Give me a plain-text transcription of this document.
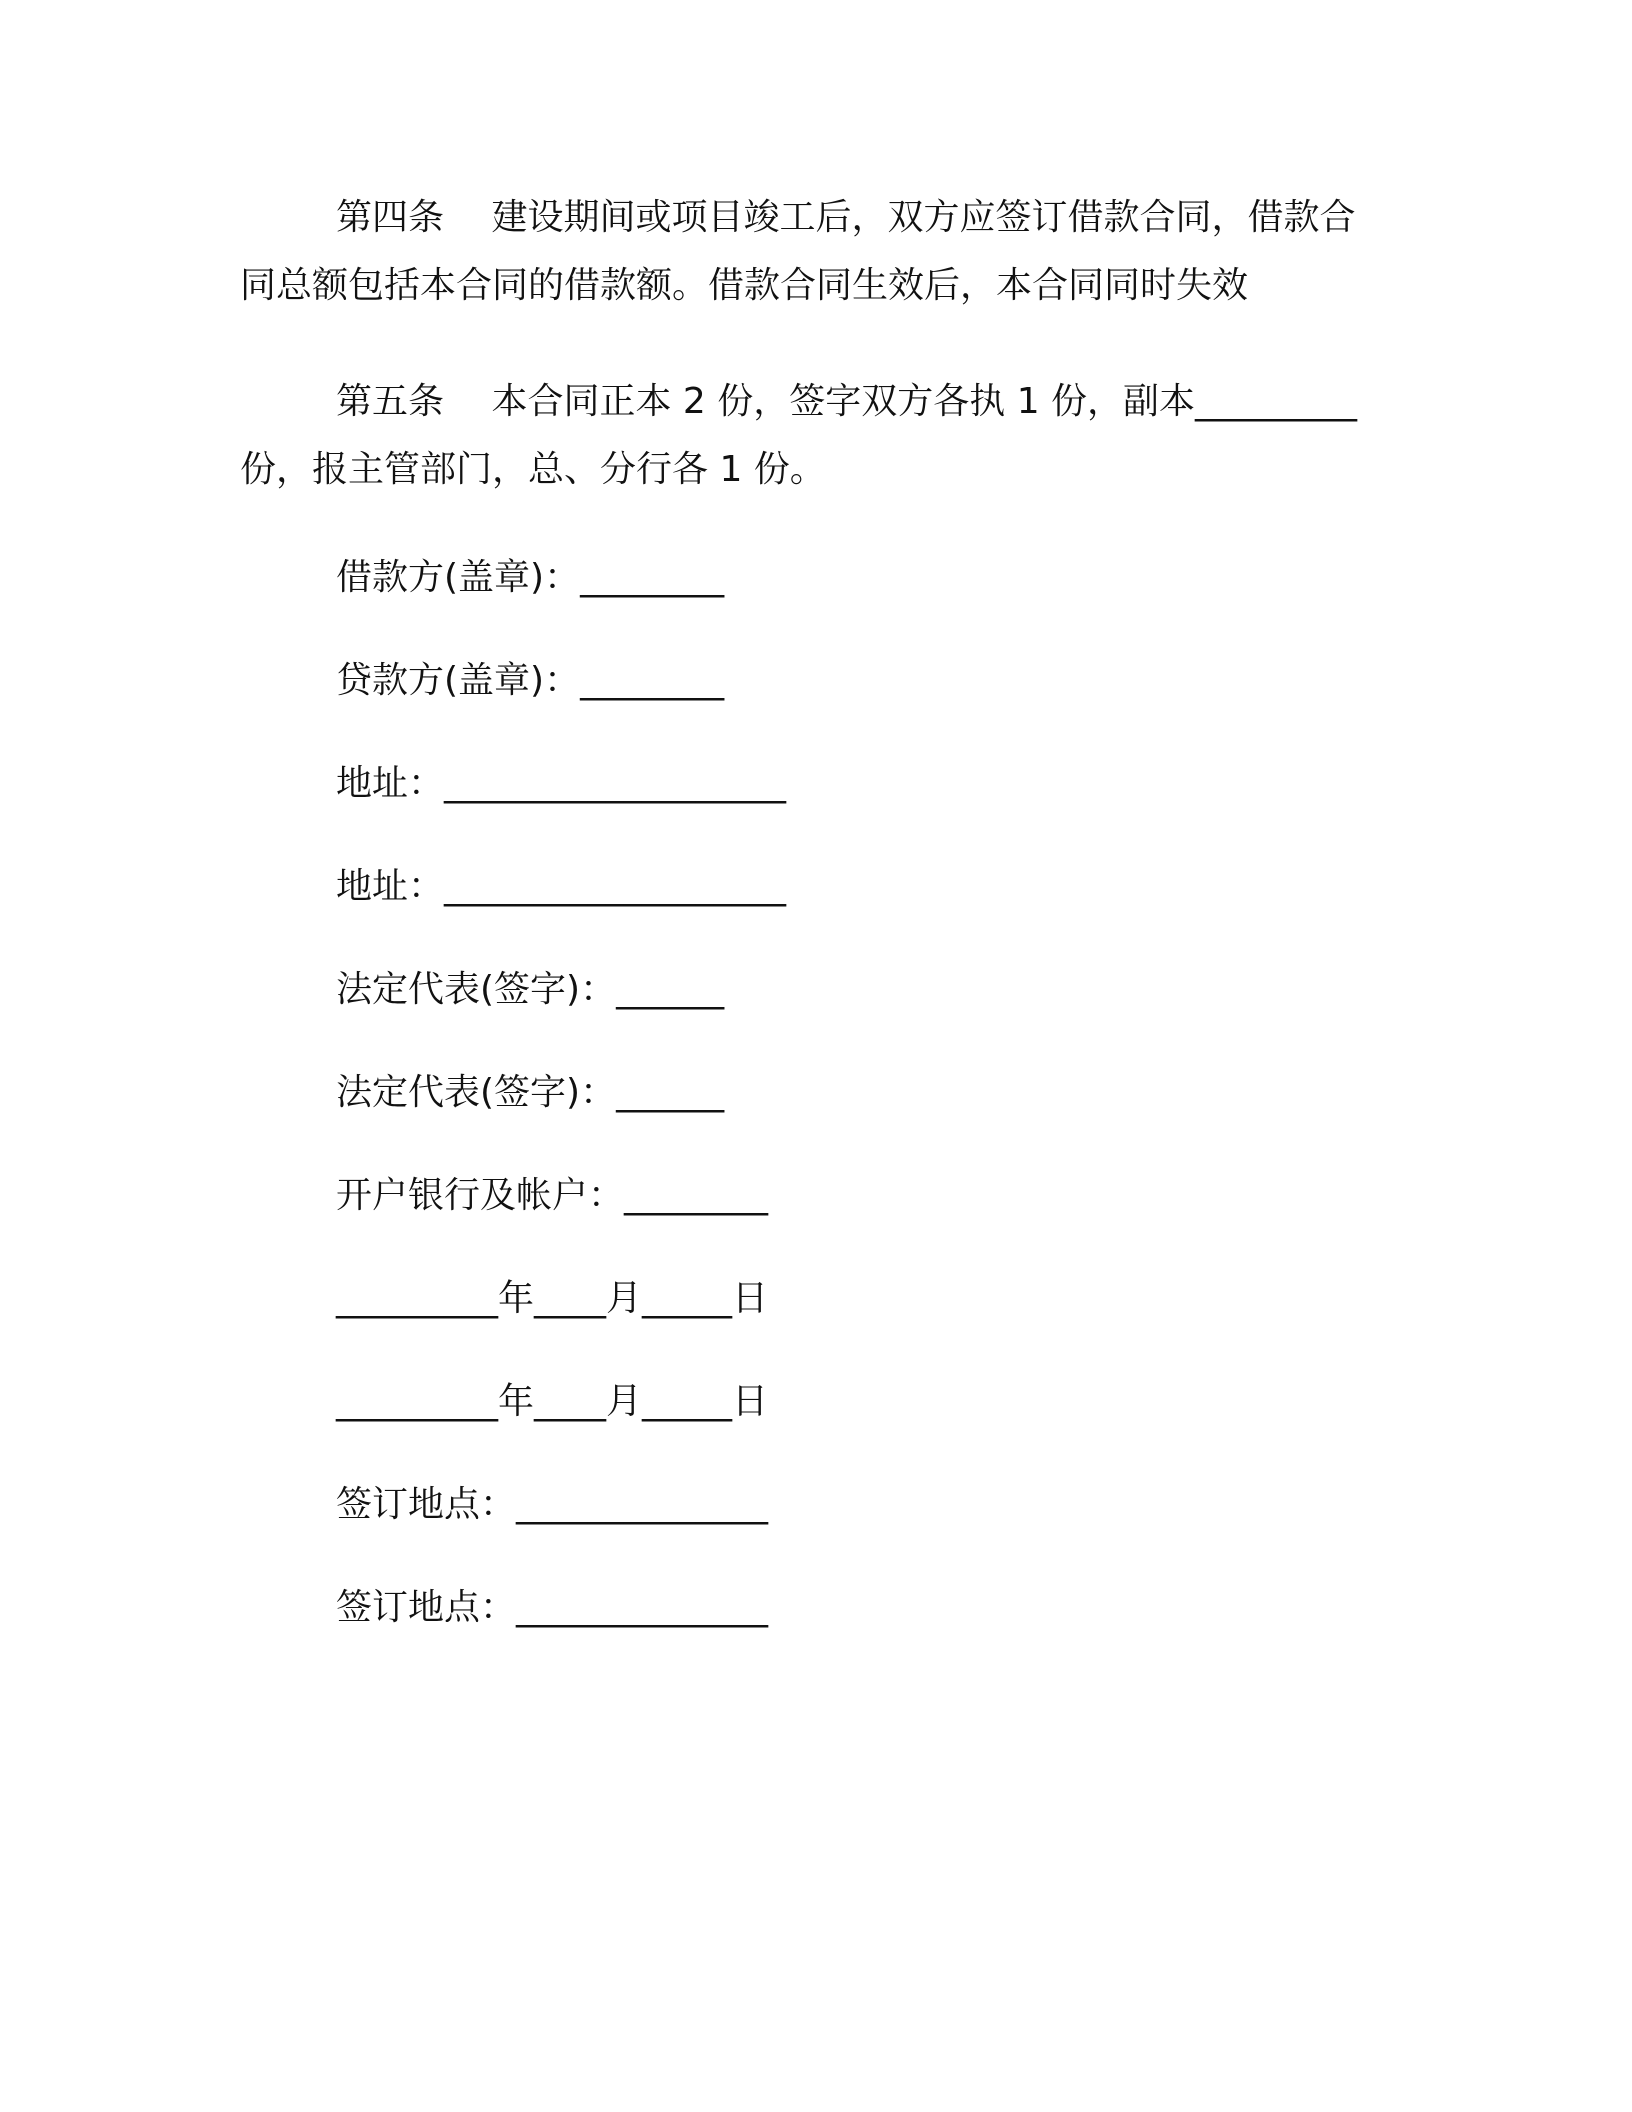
第四条　 建设期间或项目竣工后，双方应签订借款合同，借款合同总额包括本合同的借款额。借款合同生效后，本合同同时失效

第五条　 本合同正本 2 份，签字双方各执 1 份，副本_________份，报主管部门，总、分行各 1 份。

借款方(盖章)：________
贷款方(盖章)：________
地址：___________________
地址：___________________
法定代表(签字)：______
法定代表(签字)：______
开户银行及帐户：________
_________年____月_____日
_________年____月_____日
签订地点：______________
签订地点：______________
